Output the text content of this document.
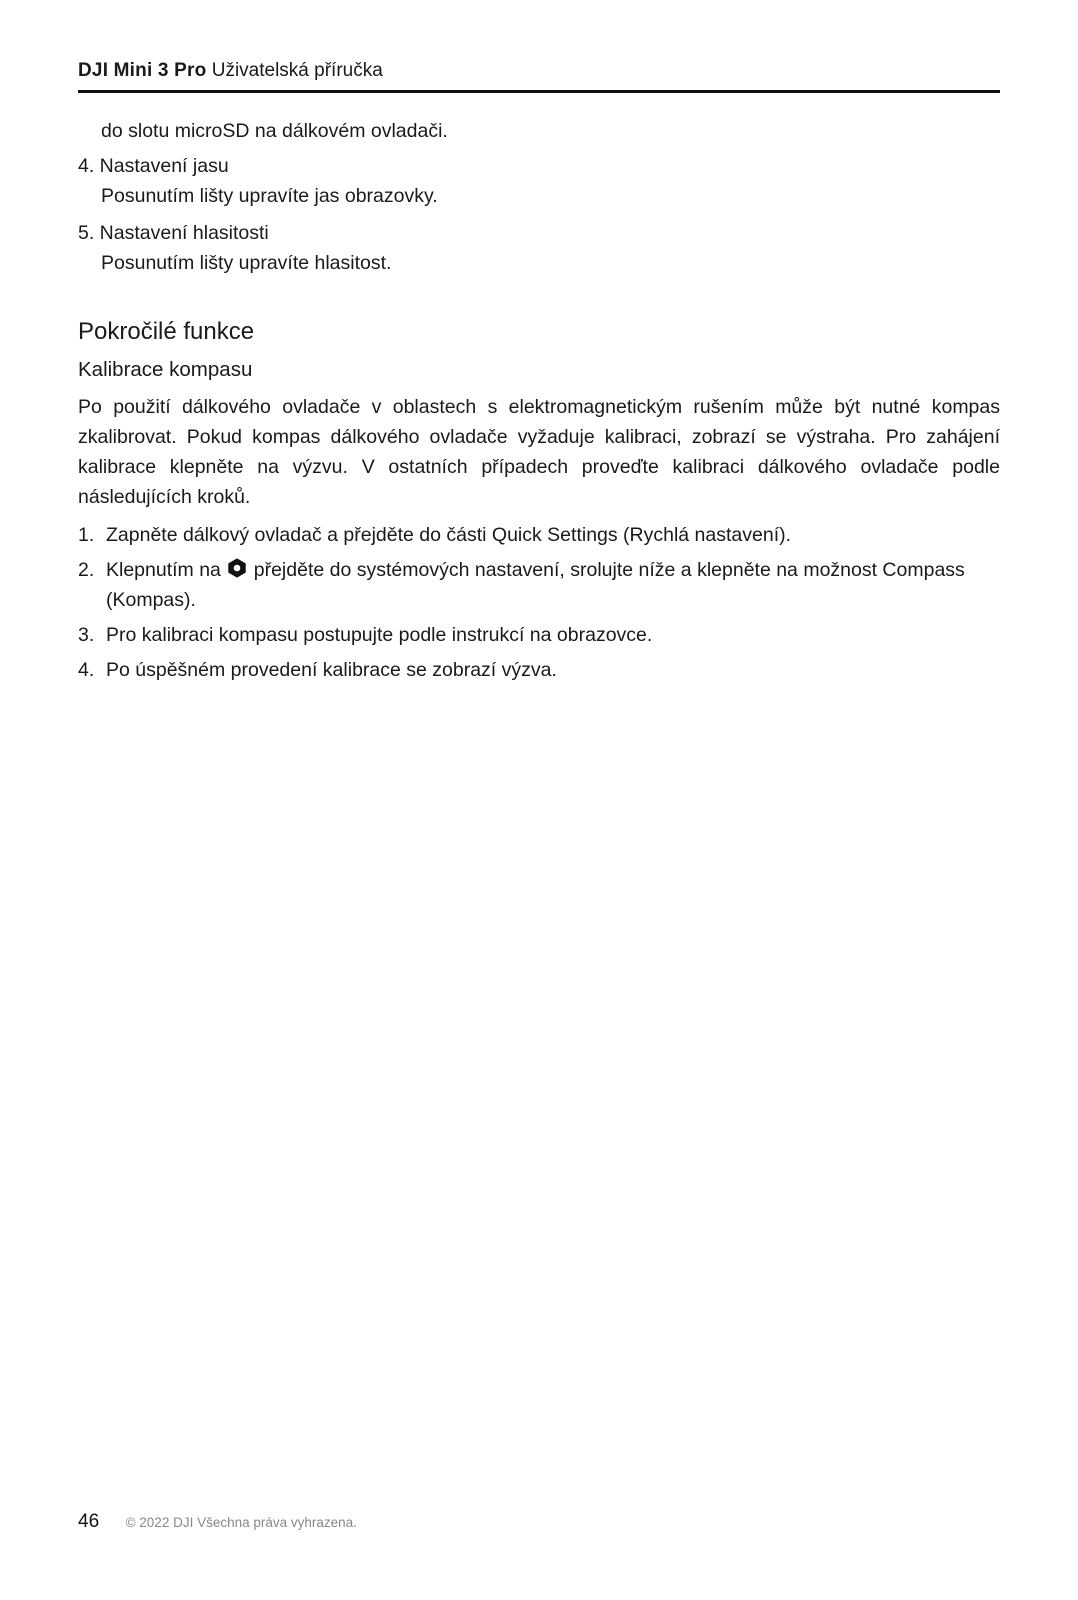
DJI Mini 3 Pro Uživatelská příručka
do slotu microSD na dálkovém ovladači.
4. Nastavení jasu
Posunutím lišty upravíte jas obrazovky.
5. Nastavení hlasitosti
Posunutím lišty upravíte hlasitost.
Pokročilé funkce
Kalibrace kompasu
Po použití dálkového ovladače v oblastech s elektromagnetickým rušením může být nutné kompas zkalibrovat. Pokud kompas dálkového ovladače vyžaduje kalibraci, zobrazí se výstraha. Pro zahájení kalibrace klepněte na výzvu. V ostatních případech proveďte kalibraci dálkového ovladače podle následujících kroků.
1. Zapněte dálkový ovladač a přejděte do části Quick Settings (Rychlá nastavení).
2. Klepnutím na přejděte do systémových nastavení, srolujte níže a klepněte na možnost Compass (Kompas).
3. Pro kalibraci kompasu postupujte podle instrukcí na obrazovce.
4. Po úspěšném provedení kalibrace se zobrazí výzva.
46 © 2022 DJI Všechna práva vyhrazena.
